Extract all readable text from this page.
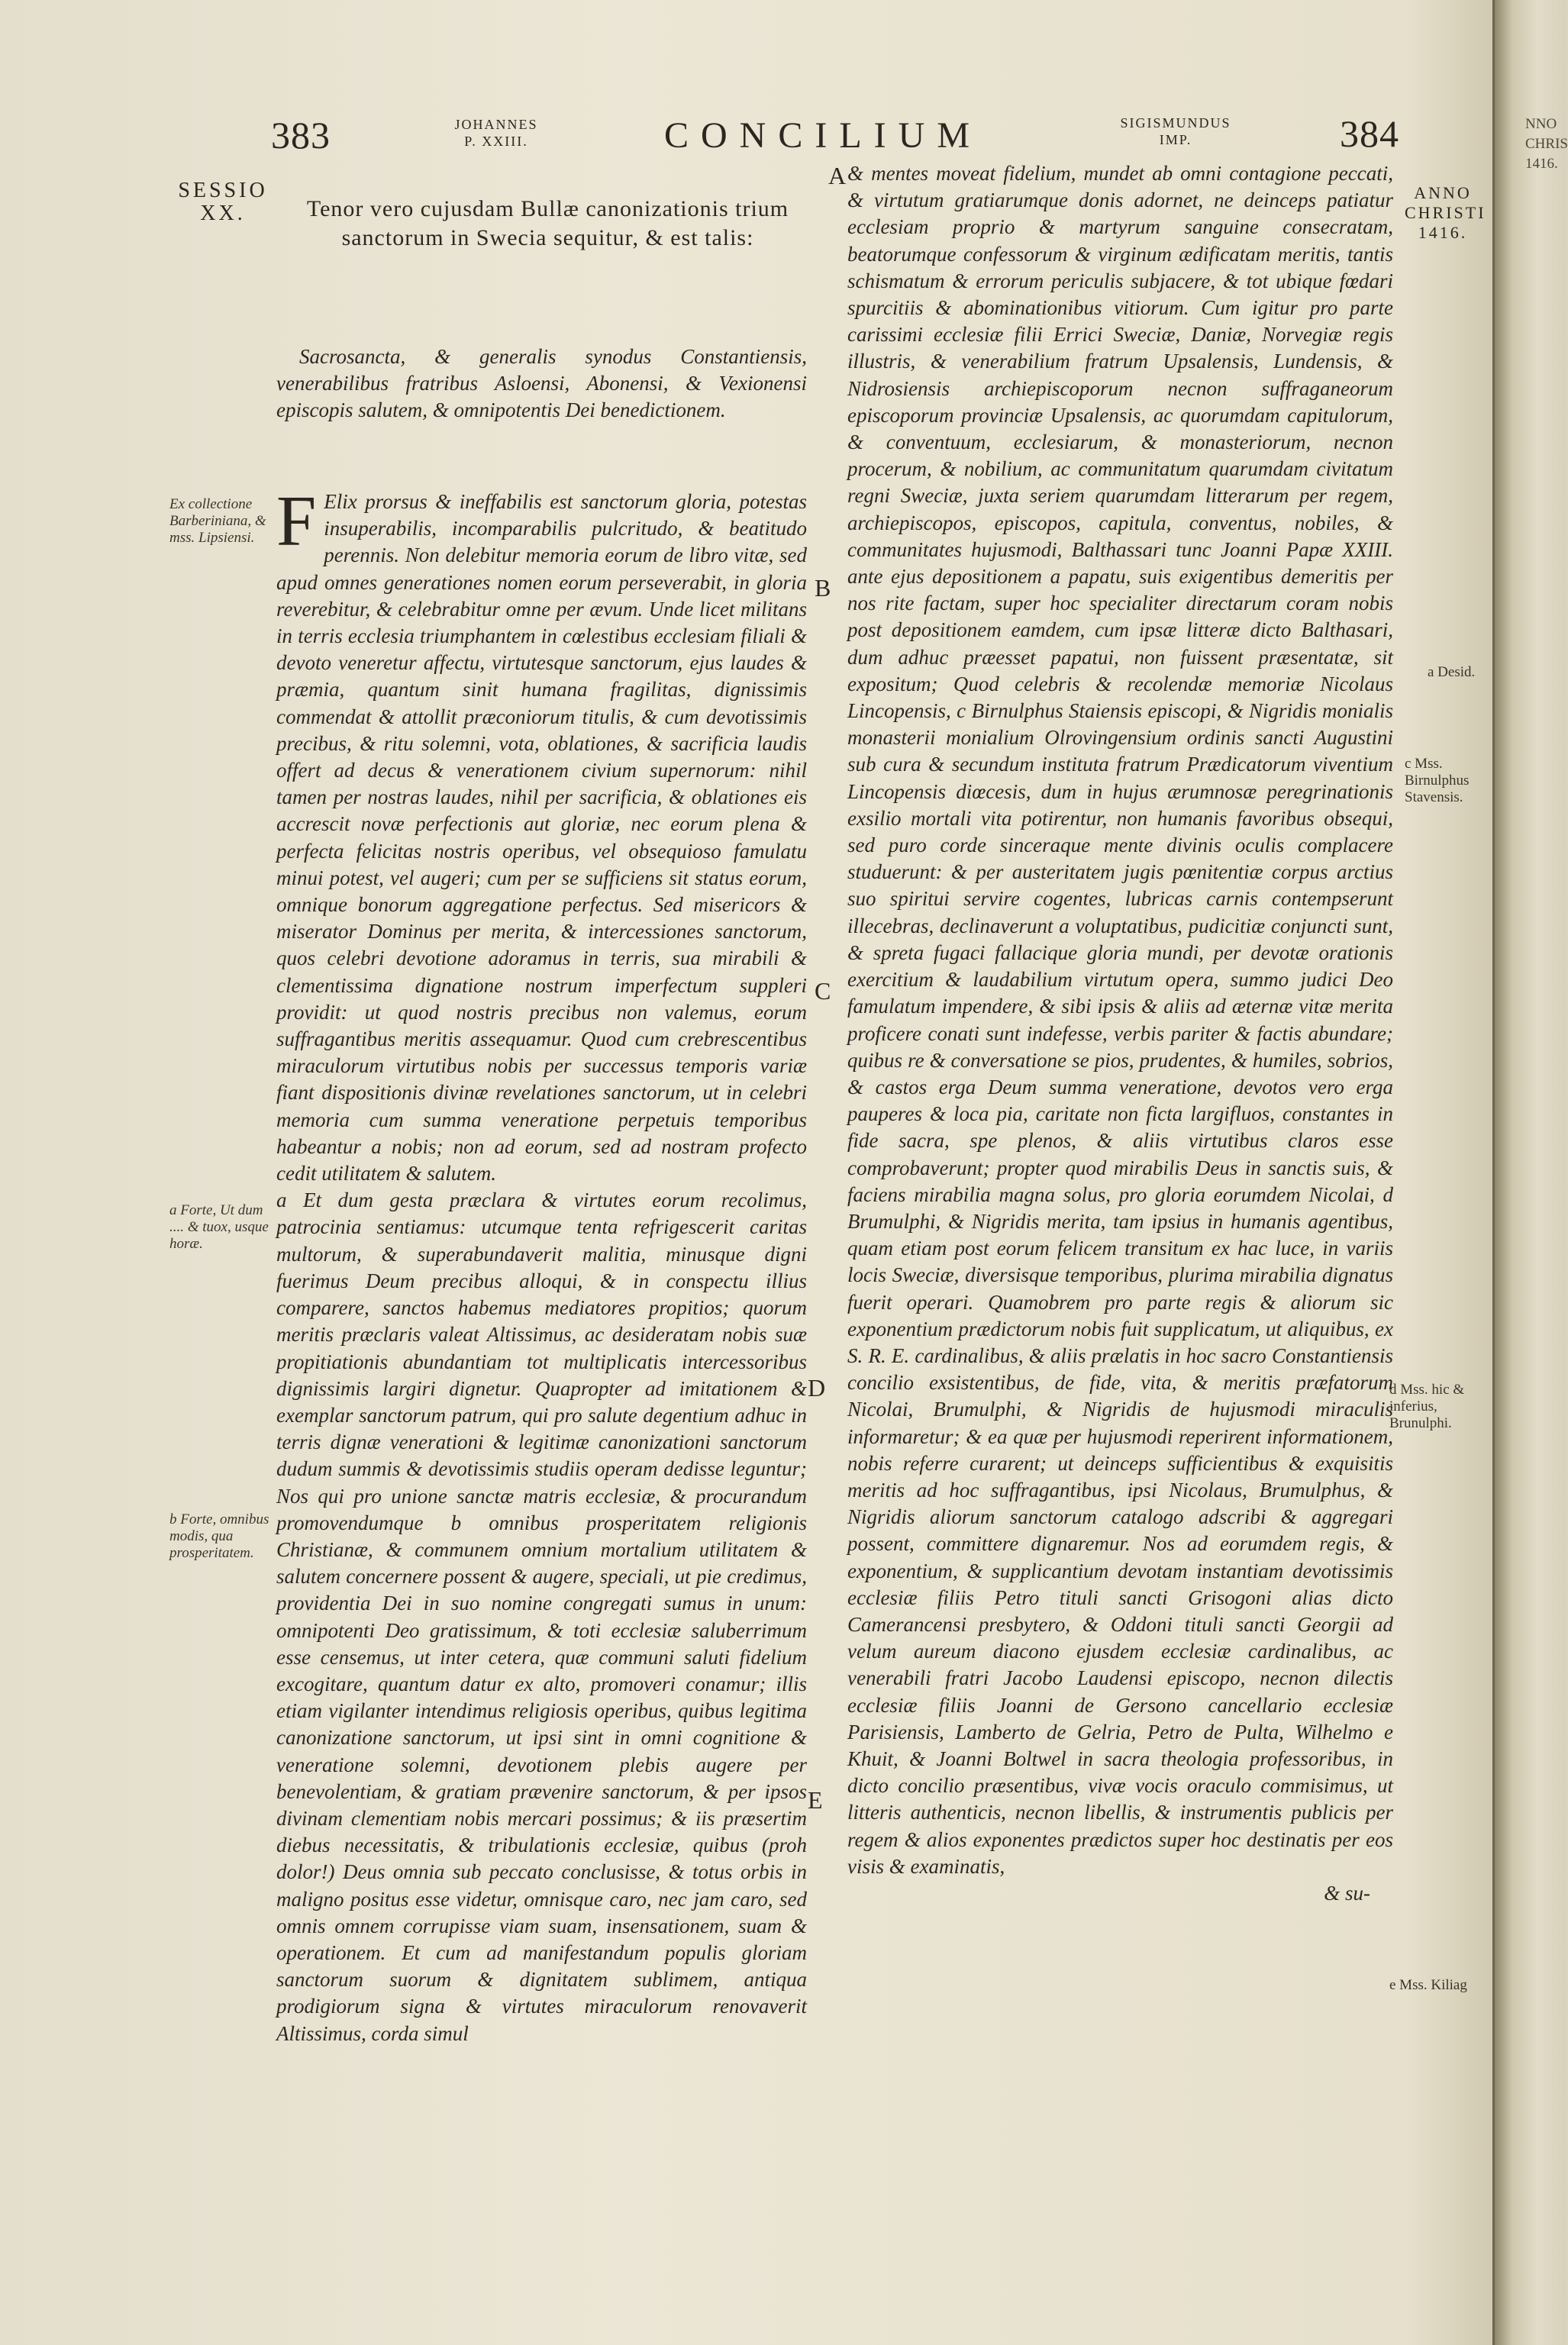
NNO CHRIS 1416.
383	JOHANNES
P. XXIII.	CONCILIUM	SIGISMUNDUS
IMP.	384
SESSIO
XX.	Tenor vero cujusdam Bullæ canonizationis trium sanctorum in Swecia sequitur, & est talis:
Sacrosancta, & generalis synodus Constantiensis, venerabilibus fratribus Asloensi, Abonensi, & Vexionensi episcopis salutem, & omnipotentis Dei benedictionem.

F Elix prorsus & ineffabilis est sanctorum gloria, potestas insuperabilis, incomparabilis pulcritudo, & beatitudo perennis. Non delebitur memoria eorum de libro vitæ, sed apud omnes generationes nomen eorum perseverabit, in gloria reverebitur, & celebrabitur omne per ævum. Unde licet militans in terris ecclesia triumphantem in cœlestibus ecclesiam filiali & devoto veneretur affectu, virtutesque sanctorum, ejus laudes & præmia, quantum sinit humana fragilitas, dignissimis commendat & attollit præconiorum titulis, & cum devotissimis precibus, & ritu solemni, vota, oblationes, & sacrificia laudis offert ad decus & venerationem civium supernorum: nihil tamen per nostras laudes, nihil per sacrificia, & oblationes eis accrescit novæ perfectionis aut gloriæ, nec eorum plena & perfecta felicitas nostris operibus, vel obsequioso famulatu minui potest, vel augeri; cum per se sufficiens sit status eorum, omnique bonorum aggregatione perfectus. Sed misericors & miserator Dominus per merita, & intercessiones sanctorum, quos celebri devotione adoramus in terris, sua mirabili & clementissima dignatione nostrum imperfectum suppleri providit: ut quod nostris precibus non valemus, eorum suffragantibus meritis assequamur. Quod cum crebrescentibus miraculorum virtutibus nobis per successus temporis variæ fiant dispositionis divinæ revelationes sanctorum, ut in celebri memoria cum summa veneratione perpetuis temporibus habeantur a nobis; non ad eorum, sed ad nostram profecto cedit utilitatem & salutem.

a Et dum gesta præclara & virtutes eorum recolimus, patrocinia sentiamus: utcumque tenta refrigescerit caritas multorum, & superabundaverit malitia, minusque digni fuerimus Deum precibus alloqui, & in conspectu illius comparere, sanctos habemus mediatores propitios; quorum meritis præclaris valeat Altissimus, ac desideratam nobis suæ propitiationis abundantiam tot multiplicatis intercessoribus dignissimis largiri dignetur. Quapropter ad imitationem & exemplar sanctorum patrum, qui pro salute degentium adhuc in terris dignæ venerationi & legitimæ canonizationi sanctorum dudum summis & devotissimis studiis operam dedisse leguntur; Nos qui pro unione sanctæ matris ecclesiæ, & procurandum promovendumque b omnibus prosperitatem religionis Christianæ, & communem omnium mortalium utilitatem & salutem concernere possent & augere, speciali, ut pie credimus, providentia Dei in suo nomine congregati sumus in unum: omnipotenti Deo gratissimum, & toti ecclesiæ saluberrimum esse censemus, ut inter cetera, quæ communi saluti fidelium excogitare, quantum datur ex alto, promoveri conamur; illis etiam vigilanter intendimus religiosis operibus, quibus legitima canonizatione sanctorum, ut ipsi sint in omni cognitione & veneratione solemni, devotionem plebis augere per benevolentiam, & gratiam prævenire sanctorum, & per ipsos divinam clementiam nobis mercari possimus; & iis præsertim diebus necessitatis, & tribulationis ecclesiæ, quibus (proh dolor!) Deus omnia sub peccato conclusisse, & totus orbis in maligno positus esse videtur, omnisque caro, nec jam caro, sed omnis omnem corrupisse viam suam, insensationem, suam & operationem. Et cum ad manifestandum populis gloriam sanctorum suorum & dignitatem sublimem, antiqua prodigiorum signa & virtutes miraculorum renovaverit Altissimus, corda simul

Ex collectione Barberiniana, & mss. Lipsiensi.
a Forte, Ut dum .... & tuox, usque horæ.
b Forte, omnibus modis, qua prosperitatem.
A
B
C
D
E

& mentes moveat fidelium, mundet ab omni contagione peccati, & virtutum gratiarumque donis adornet, ne deinceps patiatur ecclesiam proprio & martyrum sanguine consecratam, beatorumque confessorum & virginum ædificatam meritis, tantis schismatum & errorum periculis subjacere, & tot ubique fœdari spurcitiis & abominationibus vitiorum. Cum igitur pro parte carissimi ecclesiæ filii Errici Sweciæ, Daniæ, Norvegiæ regis illustris, & venerabilium fratrum Upsalensis, Lundensis, & Nidrosiensis archiepiscoporum necnon suffraganeorum episcoporum provinciæ Upsalensis, ac quorumdam capitulorum, & conventuum, ecclesiarum, & monasteriorum, necnon procerum, & nobilium, ac communitatum quarumdam civitatum regni Sweciæ, juxta seriem quarumdam litterarum per regem, archiepiscopos, episcopos, capitula, conventus, nobiles, & communitates hujusmodi, Balthassari tunc Joanni Papæ XXIII. ante ejus depositionem a papatu, suis exigentibus demeritis per nos rite factam, super hoc specialiter directarum coram nobis post depositionem eamdem, cum ipsæ litteræ dicto Balthasari, dum adhuc præesset papatui, non fuissent præsentatæ, sit expositum; Quod celebris & recolendæ memoriæ Nicolaus Lincopensis, c Birnulphus Staiensis episcopi, & Nigridis monialis monasterii monialium Olrovingensium ordinis sancti Augustini sub cura & secundum instituta fratrum Prædicatorum viventium Lincopensis diœcesis, dum in hujus ærumnosæ peregrinationis exsilio mortali vita potirentur, non humanis favoribus obsequi, sed puro corde sinceraque mente divinis oculis complacere studuerunt: & per austeritatem jugis pœnitentiæ corpus arctius suo spiritui servire cogentes, lubricas carnis contempserunt illecebras, declinaverunt a voluptatibus, pudicitiæ conjuncti sunt, & spreta fugaci fallacique gloria mundi, per devotæ orationis exercitium & laudabilium virtutum opera, summo judici Deo famulatum impendere, & sibi ipsis & aliis ad æternæ vitæ merita proficere conati sunt indefesse, verbis pariter & factis abundare; quibus re & conversatione se pios, prudentes, & humiles, sobrios, & castos erga Deum summa veneratione, devotos vero erga pauperes & loca pia, caritate non ficta largifluos, constantes in fide sacra, spe plenos, & aliis virtutibus claros esse comprobaverunt; propter quod mirabilis Deus in sanctis suis, & faciens mirabilia magna solus, pro gloria eorumdem Nicolai, d Brumulphi, & Nigridis merita, tam ipsius in humanis agentibus, quam etiam post eorum felicem transitum ex hac luce, in variis locis Sweciæ, diversisque temporibus, plurima mirabilia dignatus fuerit operari. Quamobrem pro parte regis & aliorum sic exponentium prædictorum nobis fuit supplicatum, ut aliquibus, ex S. R. E. cardinalibus, & aliis prælatis in hoc sacro Constantiensis concilio exsistentibus, de fide, vita, & meritis præfatorum Nicolai, Brumulphi, & Nigridis de hujusmodi miraculis informaretur; & ea quæ per hujusmodi reperirent informationem, nobis referre curarent; ut deinceps sufficientibus & exquisitis meritis ad hoc suffragantibus, ipsi Nicolaus, Brumulphus, & Nigridis aliorum sanctorum catalogo adscribi & aggregari possent, committere dignaremur. Nos ad eorumdem regis, & exponentium, & supplicantium devotam instantiam devotissimis ecclesiæ filiis Petro tituli sancti Grisogoni alias dicto Camerancensi presbytero, & Oddoni tituli sancti Georgii ad velum aureum diacono ejusdem ecclesiæ cardinalibus, ac venerabili fratri Jacobo Laudensi episcopo, necnon dilectis ecclesiæ filiis Joanni de Gersono cancellario ecclesiæ Parisiensis, Lamberto de Gelria, Petro de Pulta, Wilhelmo e Khuit, & Joanni Boltwel in sacra theologia professoribus, in dicto concilio præsentibus, vivæ vocis oraculo commisimus, ut litteris authenticis, necnon libellis, & instrumentis publicis per regem & alios exponentes prædictos super hoc destinatis per eos visis & examinatis,

& su-

ANNO
CHRISTI
1416.
a Desid.
c Mss. Birnulphus Stavensis.
d Mss. hic & inferius, Brunulphi.
e Mss. Kiliag
